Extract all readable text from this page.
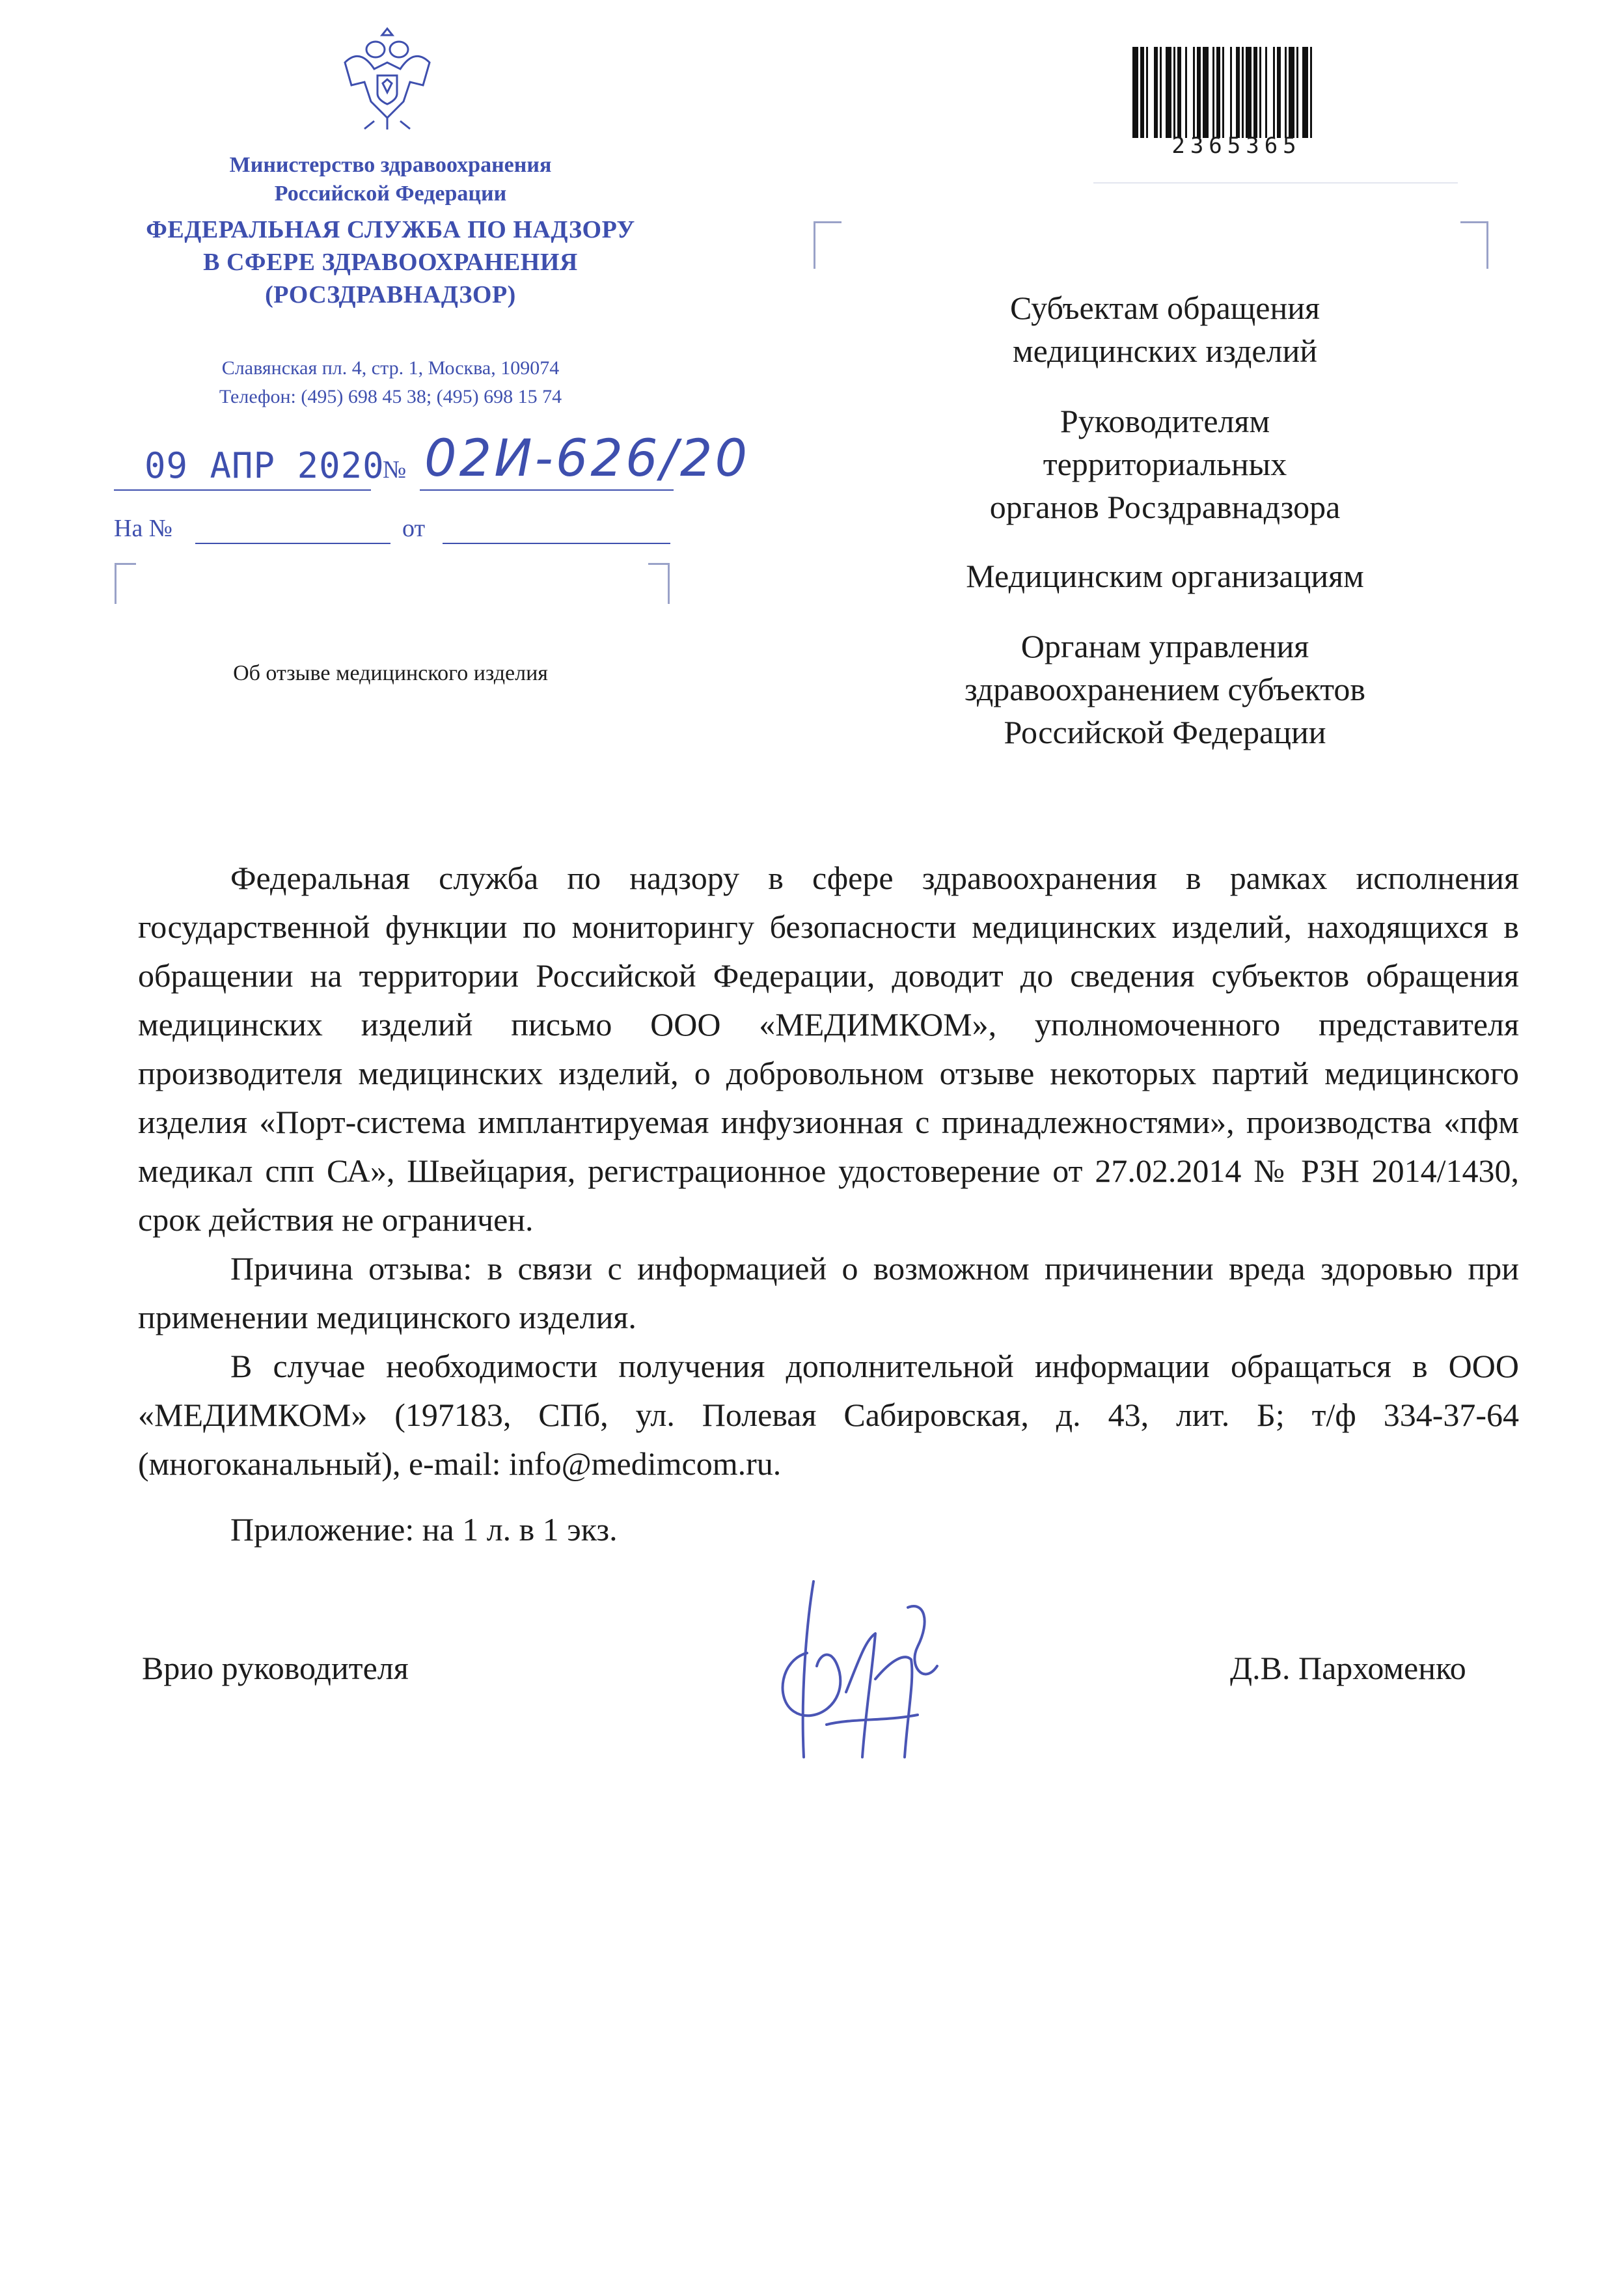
Министерство здравоохранения
Российской Федерации
ФЕДЕРАЛЬНАЯ СЛУЖБА ПО НАДЗОРУ
В СФЕРЕ ЗДРАВООХРАНЕНИЯ
(РОСЗДРАВНАДЗОР)
Славянская пл. 4, стр. 1, Москва, 109074
Телефон: (495) 698 45 38; (495) 698 15 74
09 АПР 2020
№ 02И-626/20
На №	от
Об отзыве медицинского изделия
2365365
Субъектам обращения
медицинских изделий
Руководителям
территориальных
органов Росздравнадзора
Медицинским организациям
Органам управления
здравоохранением субъектов
Российской Федерации

Федеральная служба по надзору в сфере здравоохранения в рамках исполнения государственной функции по мониторингу безопасности медицинских изделий, находящихся в обращении на территории Российской Федерации, доводит до сведения субъектов обращения медицинских изделий письмо ООО «МЕДИМКОМ», уполномоченного представителя производителя медицинских изделий, о добровольном отзыве некоторых партий медицинского изделия «Порт-система имплантируемая инфузионная с принадлежностями», производства «пфм медикал спп СА», Швейцария, регистрационное удостоверение от 27.02.2014 № РЗН 2014/1430, срок действия не ограничен.

Причина отзыва: в связи с информацией о возможном причинении вреда здоровью при применении медицинского изделия.

В случае необходимости получения дополнительной информации обращаться в ООО «МЕДИМКОМ» (197183, СПб, ул. Полевая Сабировская, д. 43, лит. Б; т/ф 334-37-64 (многоканальный), e-mail: info@medimcom.ru.

Приложение: на 1 л. в 1 экз.

Врио руководителя	Д.В. Пархоменко
